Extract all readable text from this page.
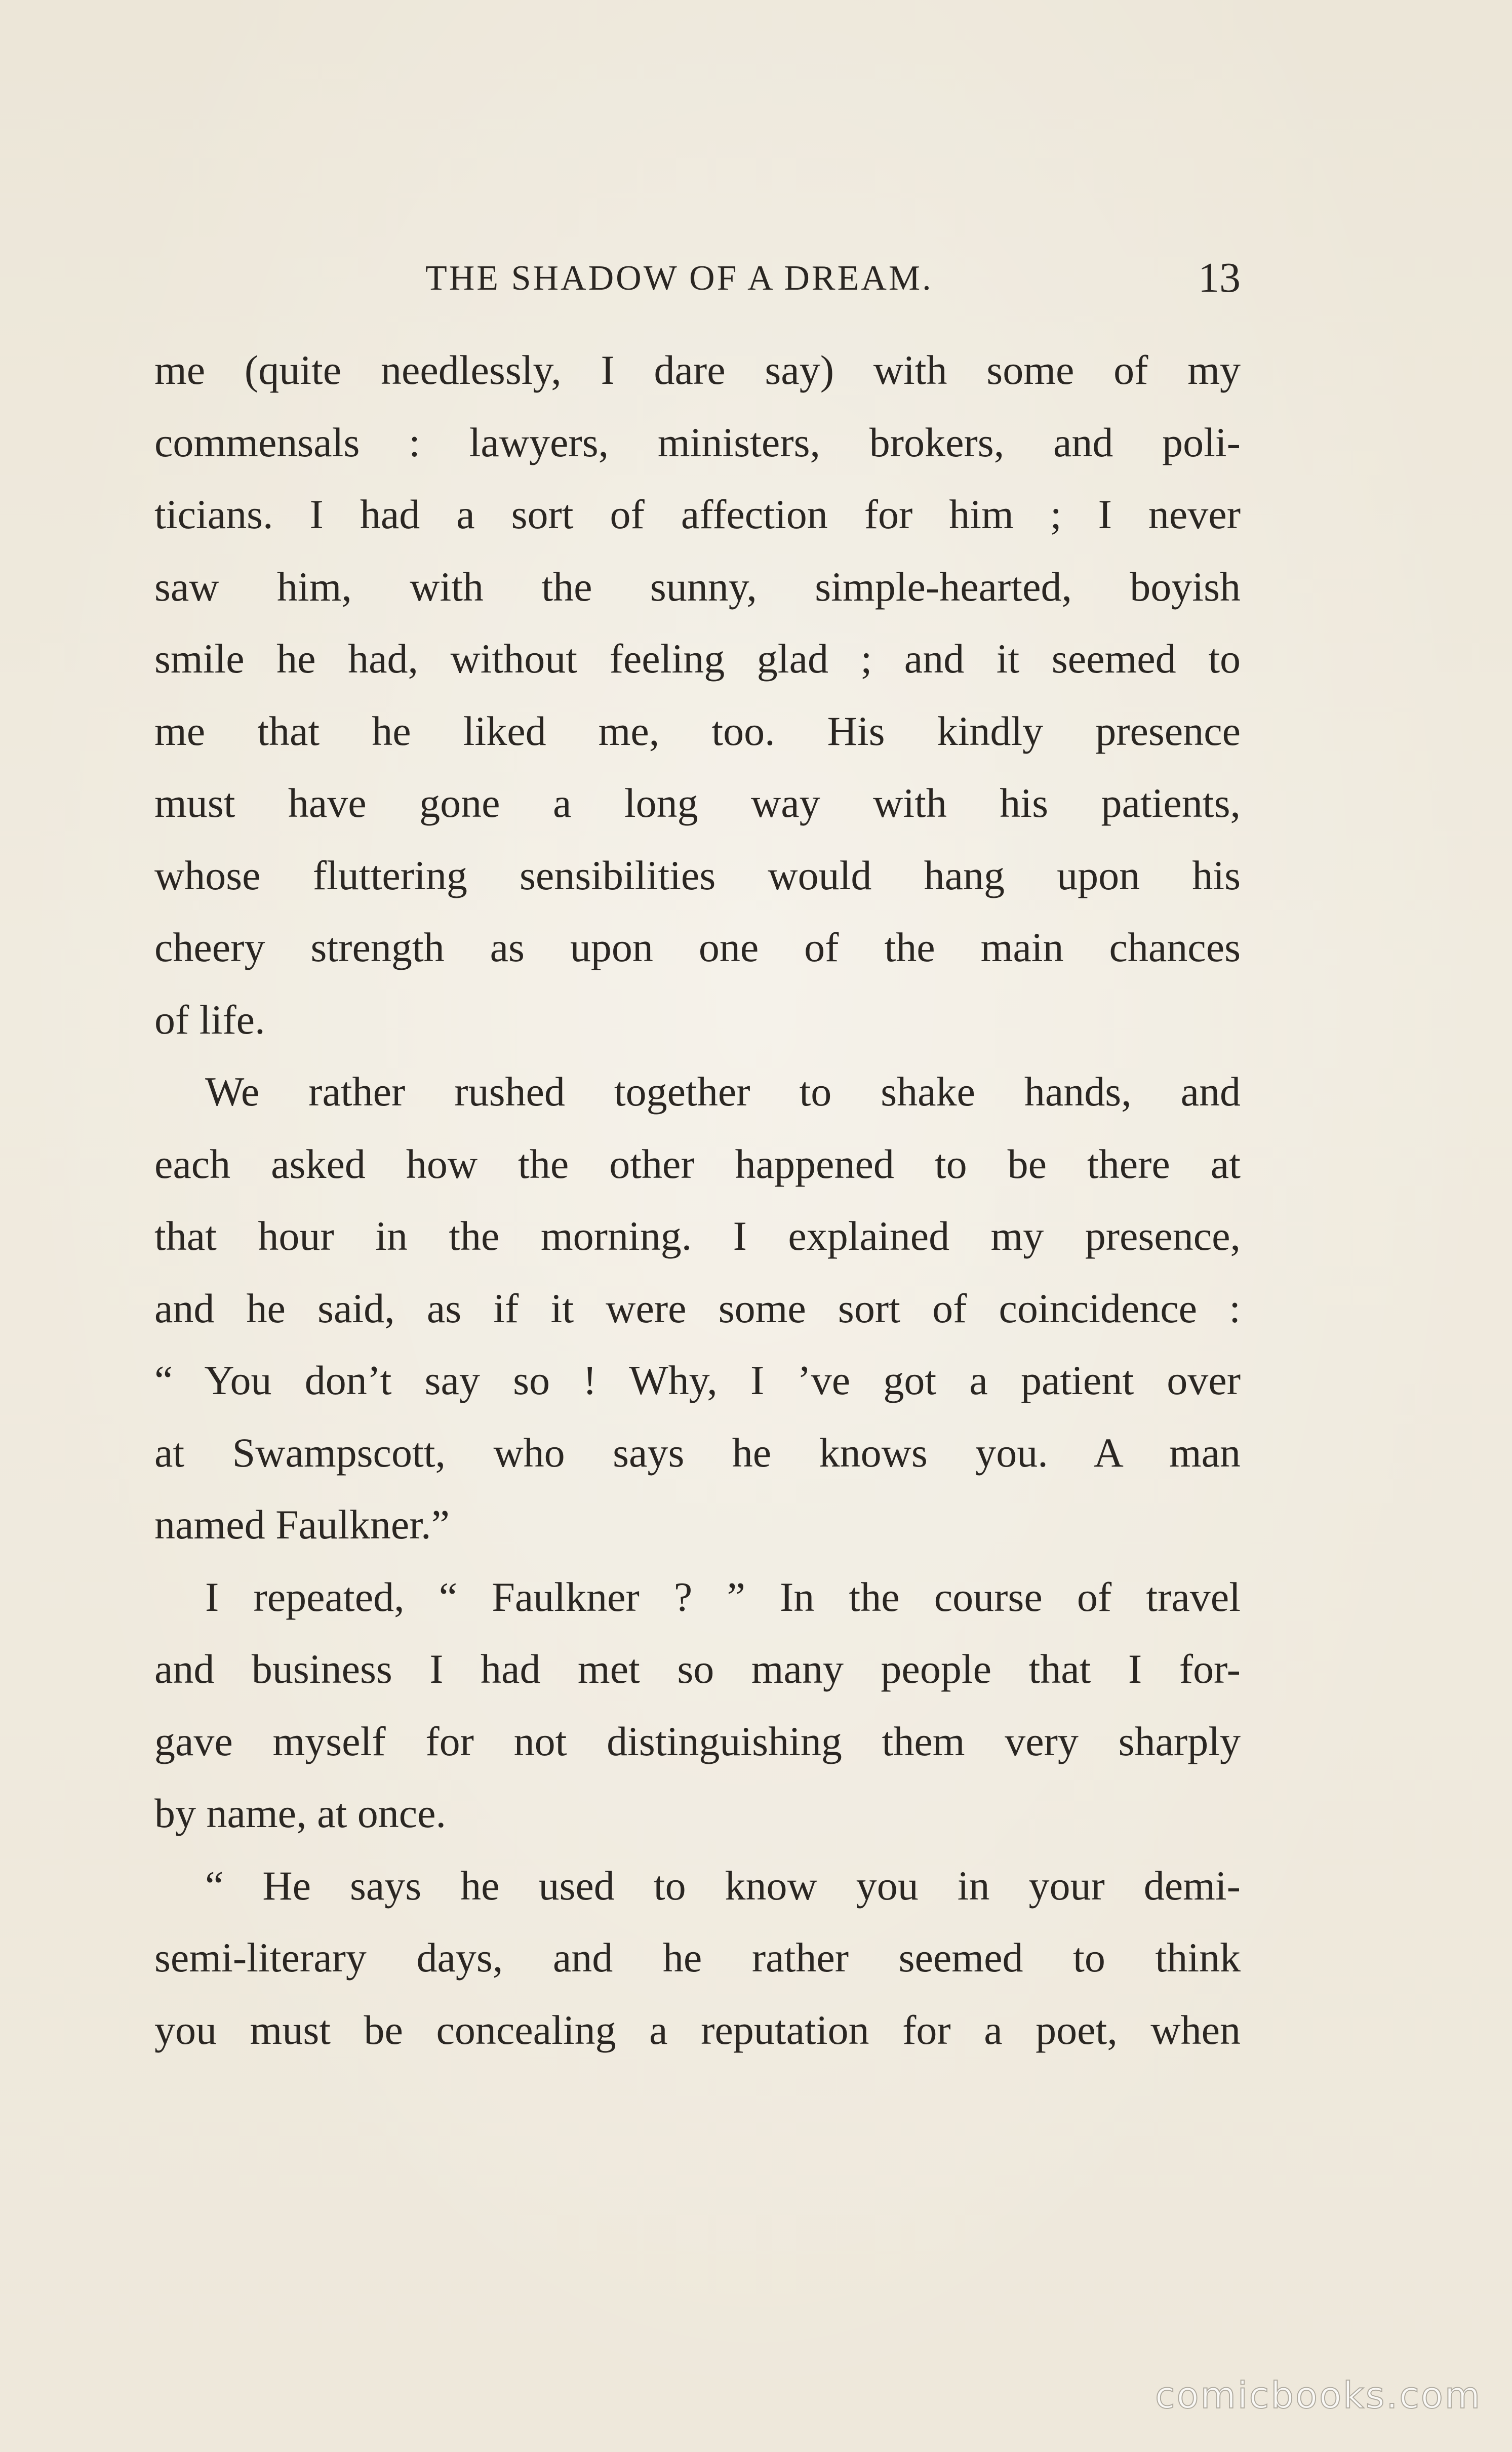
THE SHADOW OF A DREAM.	13

me (quite needlessly, I dare say) with some of my
commensals : lawyers, ministers, brokers, and poli-
ticians. I had a sort of affection for him ; I never
saw him, with the sunny, simple-hearted, boyish
smile he had, without feeling glad ; and it seemed to
me that he liked me, too. His kindly presence
must have gone a long way with his patients,
whose fluttering sensibilities would hang upon his
cheery strength as upon one of the main chances
of life.

We rather rushed together to shake hands, and
each asked how the other happened to be there at
that hour in the morning. I explained my presence,
and he said, as if it were some sort of coincidence :
“ You don’t say so ! Why, I ’ve got a patient over
at Swampscott, who says he knows you. A man
named Faulkner.”

I repeated, “ Faulkner ? ” In the course of travel
and business I had met so many people that I for-
gave myself for not distinguishing them very sharply
by name, at once.

“ He says he used to know you in your demi-
semi-literary days, and he rather seemed to think
you must be concealing a reputation for a poet, when

comicbooks.com
